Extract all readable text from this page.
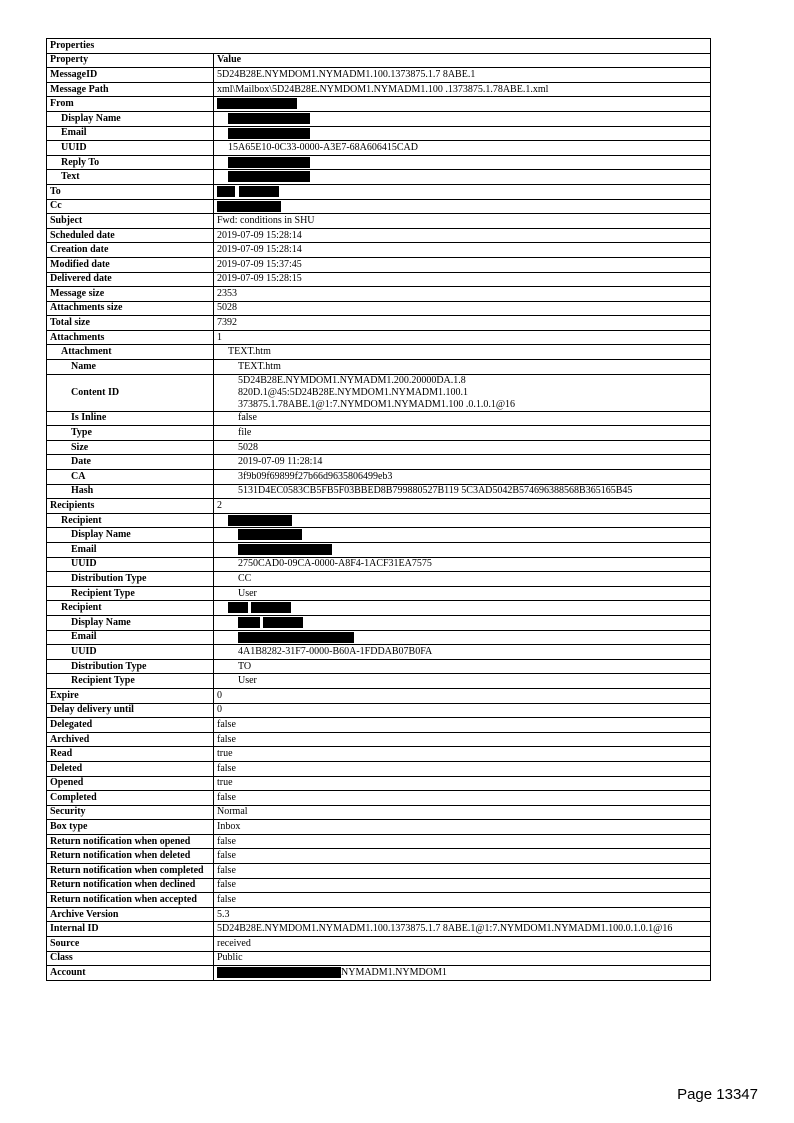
Properties	
Property	Value
MessageID	5D24B28E.NYMDOM1.NYMADM1.100.1373875.1.7 8ABE.1
Message Path	xml\Mailbox\5D24B28E.NYMDOM1.NYMADM1.100 .1373875.1.78ABE.1.xml
From	
Display Name	
Email	
UUID	15A65E10-0C33-0000-A3E7-68A606415CAD
Reply To	
Text	
To	
Cc	
Subject	Fwd: conditions in SHU
Scheduled date	2019-07-09 15:28:14
Creation date	2019-07-09 15:28:14
Modified date	2019-07-09 15:37:45
Delivered date	2019-07-09 15:28:15
Message size	2353
Attachments size	5028
Total size	7392
Attachments	1
Attachment	TEXT.htm
Name	TEXT.htm
Content ID	5D24B28E.NYMDOM1.NYMADM1.200.20000DA.1.8
820D.1@45:5D24B28E.NYMDOM1.NYMADM1.100.1
373875.1.78ABE.1@1:7.NYMDOM1.NYMADM1.100 .0.1.0.1@16

Is Inline	false
Type	file
Size	5028
Date	2019-07-09 11:28:14
CA	3f9b09f69899f27b66d9635806499eb3
Hash	5131D4EC0583CB5FB5F03BBED8B799880527B119 5C3AD5042B574696388568B365165B45
Recipients	2
Recipient	
Display Name	
Email	
UUID	2750CAD0-09CA-0000-A8F4-1ACF31EA7575
Distribution Type	CC
Recipient Type	User
Recipient	
Display Name	
Email	
UUID	4A1B8282-31F7-0000-B60A-1FDDAB07B0FA
Distribution Type	TO
Recipient Type	User
Expire	0
Delay delivery until	0
Delegated	false
Archived	false
Read	true
Deleted	false
Opened	true
Completed	false
Security	Normal
Box type	Inbox
Return notification when opened	false
Return notification when deleted	false
Return notification when completed	false
Return notification when declined	false
Return notification when accepted	false
Archive Version	5.3
Internal ID	5D24B28E.NYMDOM1.NYMADM1.100.1373875.1.7 8ABE.1@1:7.NYMDOM1.NYMADM1.100.0.1.0.1@16
Source	received
Class	Public
Account	NYMADM1.NYMDOM1
Page 13347
